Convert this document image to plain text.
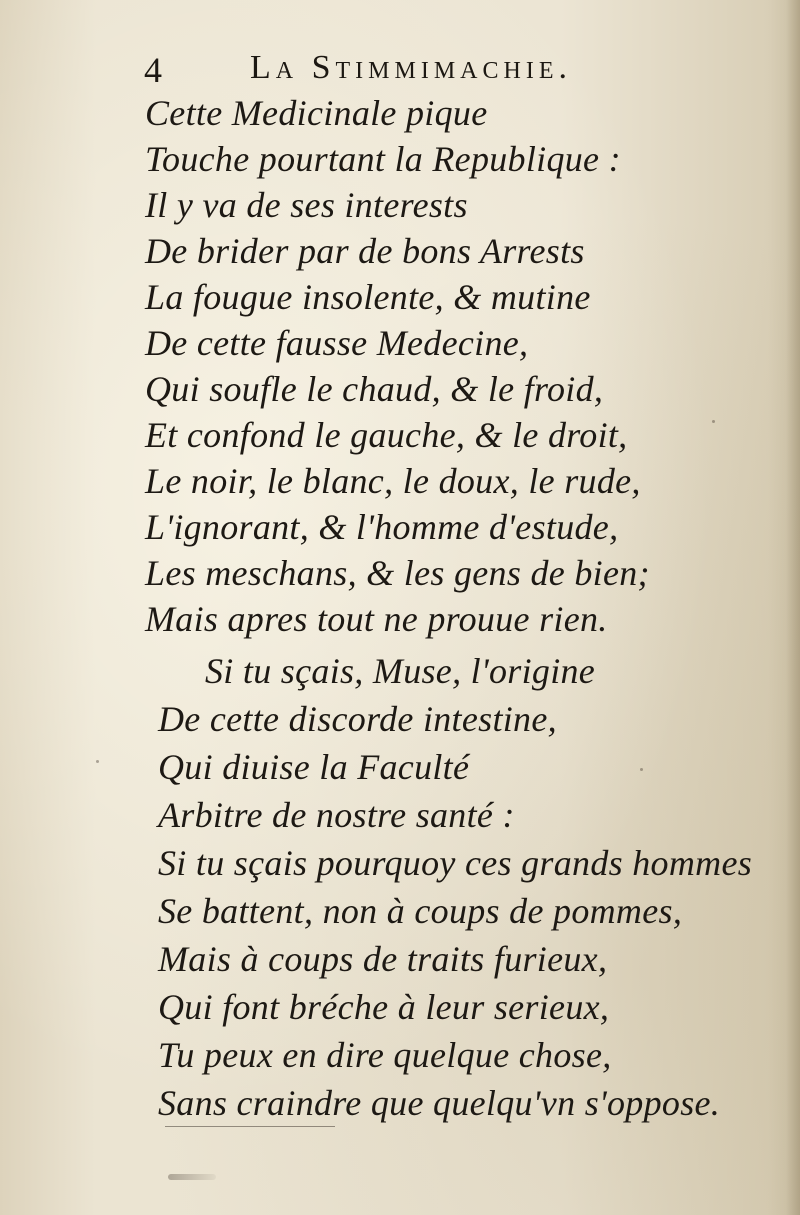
4	La Stimmimachie.
Cette Medicinale pique
Touche pourtant la Republique :
Il y va de ses interests
De brider par de bons Arrests
La fougue insolente, & mutine
De cette fausse Medecine,
Qui soufle le chaud, & le froid,
Et confond le gauche, & le droit,
Le noir, le blanc, le doux, le rude,
L'ignorant, & l'homme d'estude,
Les meschans, & les gens de bien;
Mais apres tout ne prouue rien.
Si tu sçais, Muse, l'origine
De cette discorde intestine,
Qui diuise la Faculté
Arbitre de nostre santé :
Si tu sçais pourquoy ces grands hommes
Se battent, non à coups de pommes,
Mais à coups de traits furieux,
Qui font bréche à leur serieux,
Tu peux en dire quelque chose,
Sans craindre que quelqu'vn s'oppose.
